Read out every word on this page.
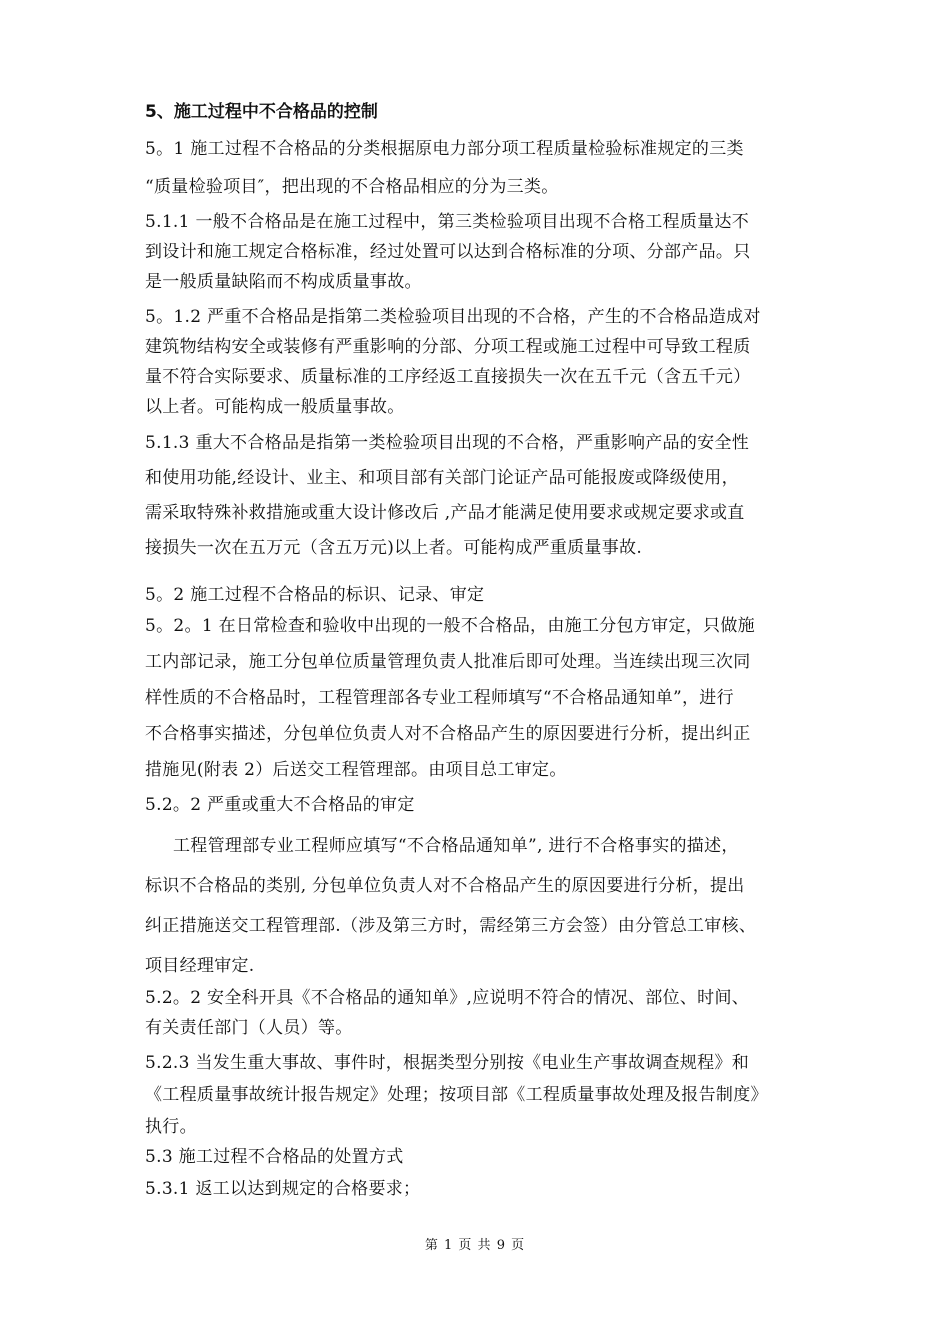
5、施工过程中不合格品的控制
5。1 施工过程不合格品的分类根据原电力部分项工程质量检验标准规定的三类
“质量检验项目″，把出现的不合格品相应的分为三类。
5.1.1 一般不合格品是在施工过程中，第三类检验项目出现不合格工程质量达不
到设计和施工规定合格标准，经过处置可以达到合格标准的分项、分部产品。只
是一般质量缺陷而不构成质量事故。
5。1.2 严重不合格品是指第二类检验项目出现的不合格，产生的不合格品造成对
建筑物结构安全或装修有严重影响的分部、分项工程或施工过程中可导致工程质
量不符合实际要求、质量标准的工序经返工直接损失一次在五千元（含五千元）
以上者。可能构成一般质量事故。
5.1.3 重大不合格品是指第一类检验项目出现的不合格，严重影响产品的安全性
和使用功能,经设计、业主、和项目部有关部门论证产品可能报废或降级使用，
需采取特殊补救措施或重大设计修改后 ,产品才能满足使用要求或规定要求或直
接损失一次在五万元（含五万元)以上者。可能构成严重质量事故.
5。2 施工过程不合格品的标识、记录、审定
5。2。1 在日常检查和验收中出现的一般不合格品，由施工分包方审定，只做施
工内部记录，施工分包单位质量管理负责人批准后即可处理。当连续出现三次同
样性质的不合格品时，工程管理部各专业工程师填写“不合格品通知单”，进行
不合格事实描述，分包单位负责人对不合格品产生的原因要进行分析，提出纠正
措施见(附表 2）后送交工程管理部。由项目总工审定。
5.2。2 严重或重大不合格品的审定
工程管理部专业工程师应填写“不合格品通知单”, 进行不合格事实的描述，
标识不合格品的类别, 分包单位负责人对不合格品产生的原因要进行分析，提出
纠正措施送交工程管理部.（涉及第三方时，需经第三方会签）由分管总工审核、
项目经理审定.
5.2。2 安全科开具《不合格品的通知单》,应说明不符合的情况、部位、时间、
有关责任部门（人员）等。
5.2.3 当发生重大事故、事件时，根据类型分别按《电业生产事故调查规程》和
《工程质量事故统计报告规定》处理；按项目部《工程质量事故处理及报告制度》
执行。
5.3 施工过程不合格品的处置方式
5.3.1 返工以达到规定的合格要求；
第 1 页 共 9 页
